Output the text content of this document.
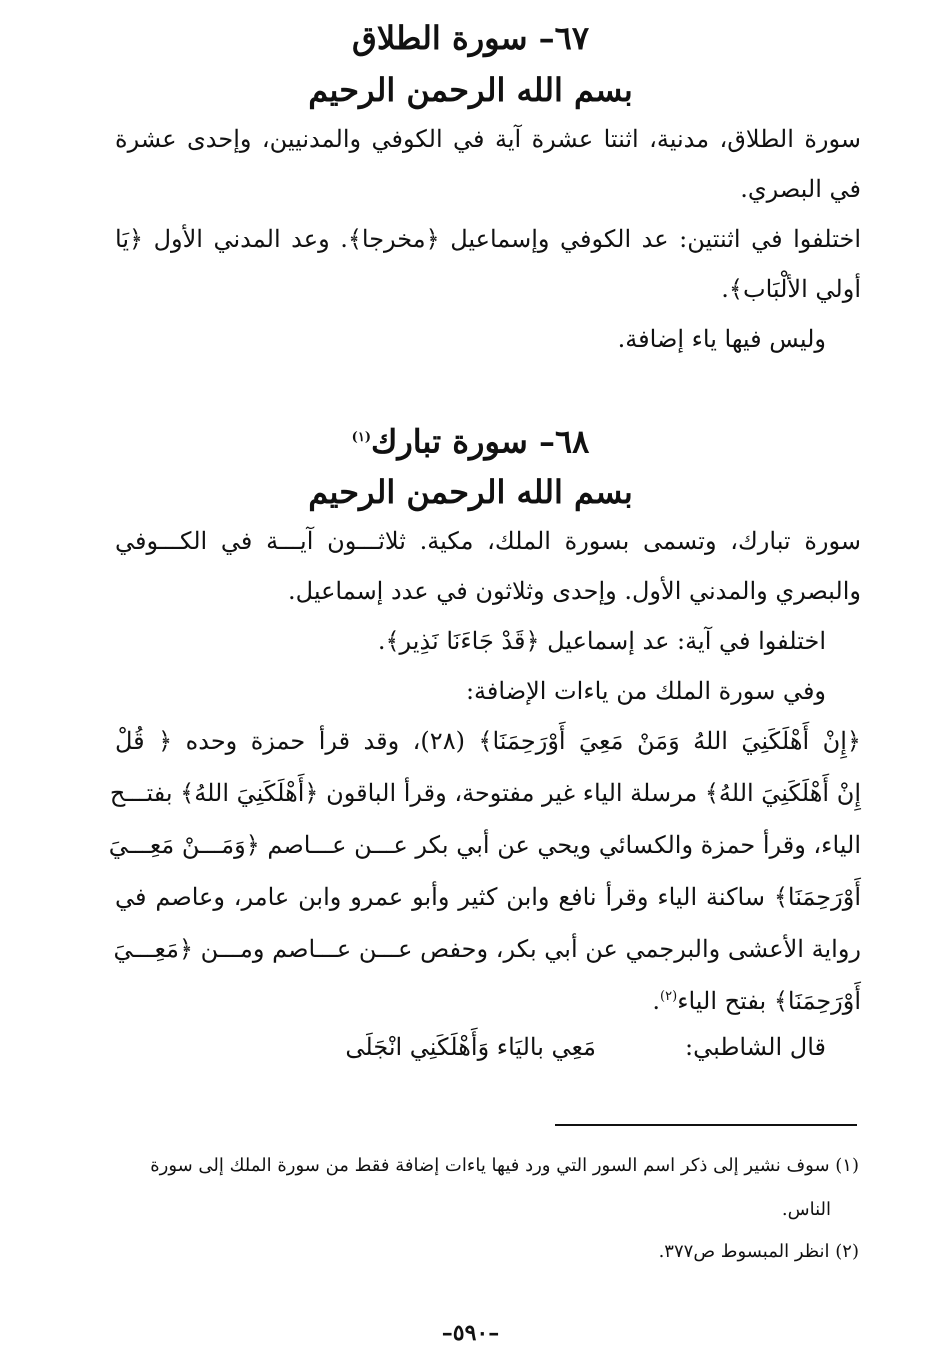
٦٧– سورة الطلاق
بسم الله الرحمن الرحيم

سورة الطلاق، مدنية، اثنتا عشرة آية في الكوفي والمدنيين، وإحدى عشرة

في البصري.

اختلفوا في اثنتين: عد الكوفي وإسماعيل ﴿مخرجا﴾. وعد المدني الأول ﴿يَا

أولي الألْبَاب﴾.

وليس فيها ياء إضافة.

٦٨– سورة تبارك$^{(١)}$
بسم الله الرحمن الرحيم

سورة تبارك، وتسمى بسورة الملك، مكية. ثلاثـــون آيـــة في الكـــوفي

والبصري والمدني الأول. وإحدى وثلاثون في عدد إسماعيل.

اختلفوا في آية: عد إسماعيل ﴿قَدْ جَاءَنَا نَذِير﴾.

وفي سورة الملك من ياءات الإضافة:

﴿إِنْ أَهْلَكَنِيَ اللهُ وَمَنْ مَعِيَ أَوْرَحِمَنَا﴾ (٢٨)، وقد قرأ حمزة وحده ﴿ قُلْ

إِنْ أَهْلَكَنِيَ اللهُ﴾ مرسلة الياء غير مفتوحة، وقرأ الباقون ﴿أَهْلَكَنِيَ اللهُ﴾ بفتـــح

الياء، وقرأ حمزة والكسائي ويحي عن أبي بكر عـــن عـــاصم ﴿وَمَـــنْ مَعِـــيَ

أَوْرَحِمَنَا﴾ ساكنة الياء وقرأ نافع وابن كثير وأبو عمرو وابن عامر، وعاصم في

رواية الأعشى والبرجمي عن أبي بكر، وحفص عـــن عـــاصم ومـــن ﴿مَعِـــيَ

أَوْرَحِمَنَا﴾ بفتح الياء$^{(٢)}$.

قال الشاطبي:

مَعِي باليَاء وَأَهْلَكَنِي انْجَلَى

(١) سوف نشير إلى ذكر اسم السور التي ورد فيها ياءات إضافة فقط من سورة الملك إلى سورة

الناس.

(٢) انظر المبسوط ص٣٧٧.

–٥٩٠–
